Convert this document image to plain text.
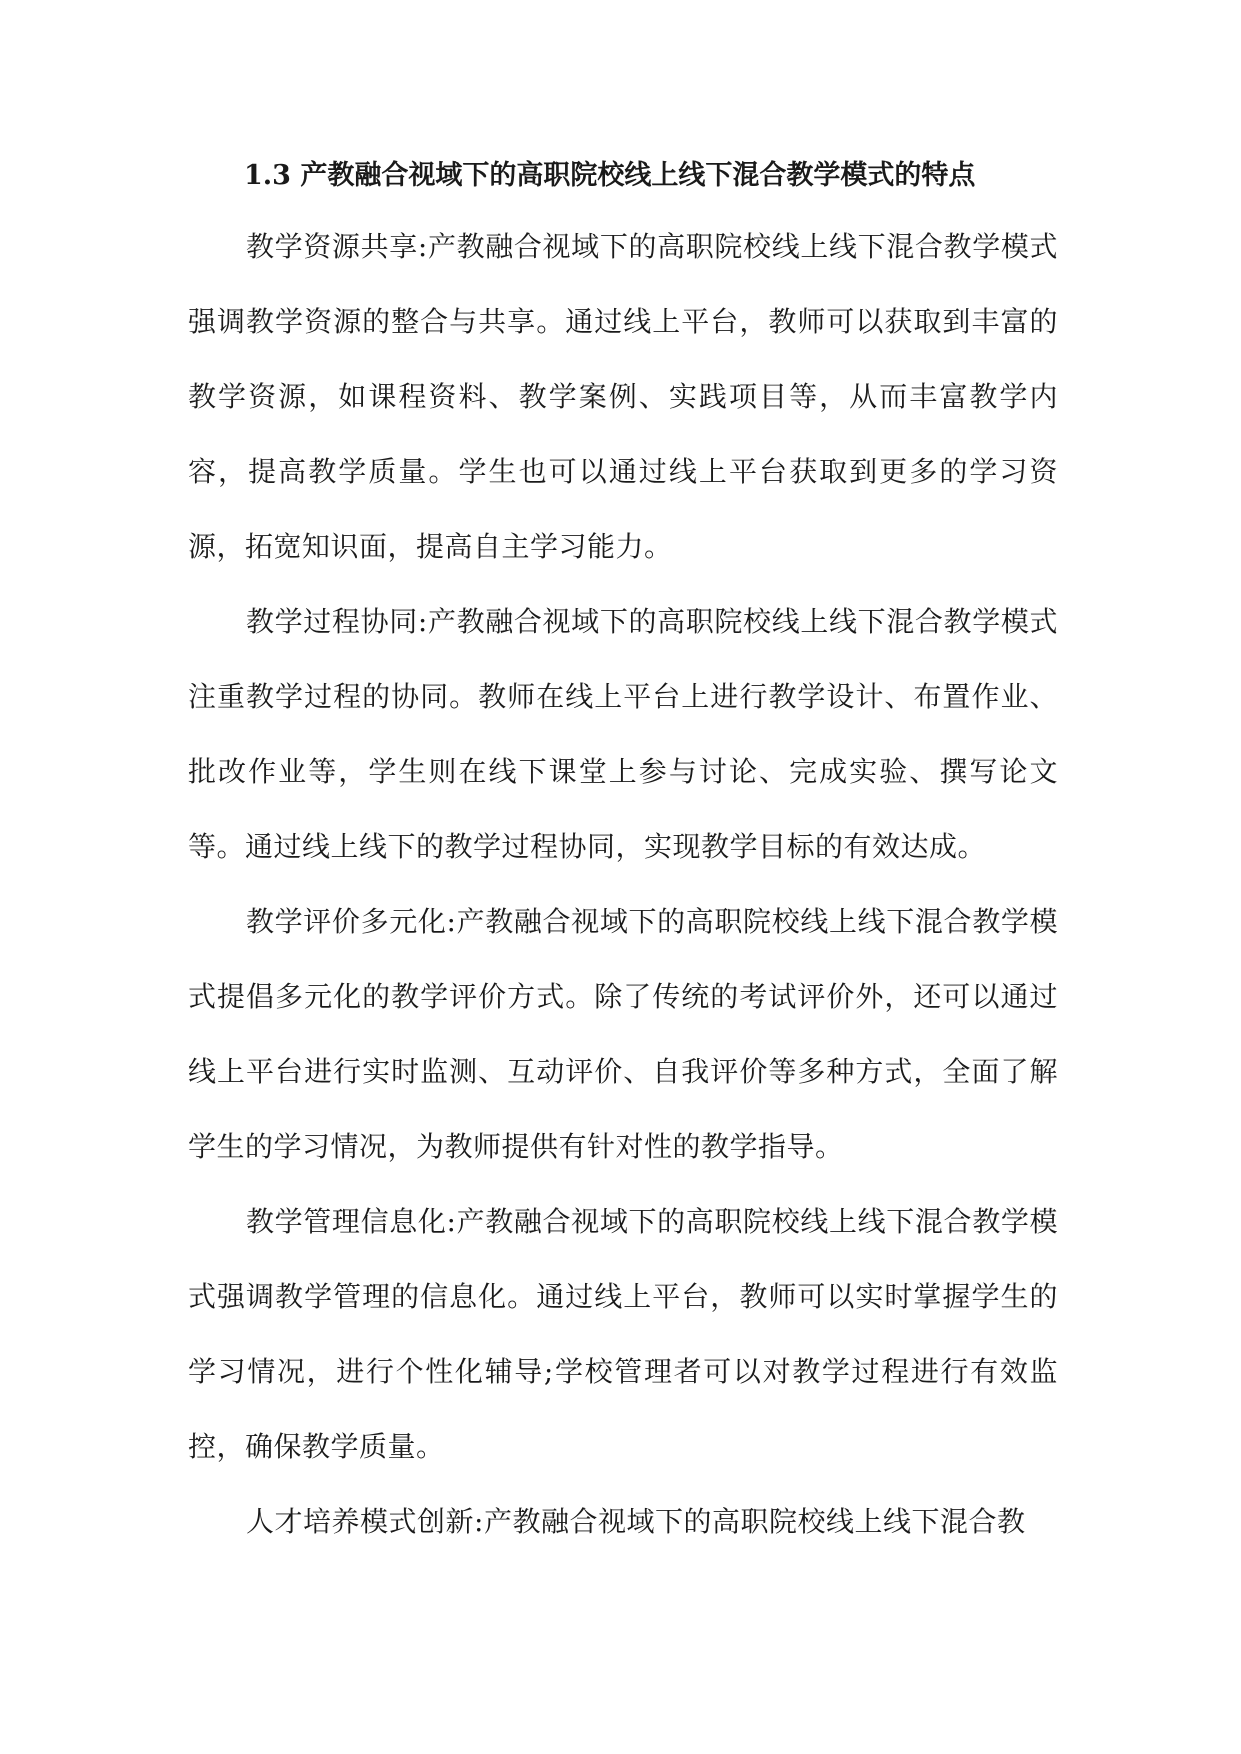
1.3 产教融合视域下的高职院校线上线下混合教学模式的特点

教学资源共享:产教融合视域下的高职院校线上线下混合教学模式强调教学资源的整合与共享。通过线上平台，教师可以获取到丰富的教学资源，如课程资料、教学案例、实践项目等，从而丰富教学内容，提高教学质量。学生也可以通过线上平台获取到更多的学习资源，拓宽知识面，提高自主学习能力。

教学过程协同:产教融合视域下的高职院校线上线下混合教学模式注重教学过程的协同。教师在线上平台上进行教学设计、布置作业、批改作业等，学生则在线下课堂上参与讨论、完成实验、撰写论文等。通过线上线下的教学过程协同，实现教学目标的有效达成。

教学评价多元化:产教融合视域下的高职院校线上线下混合教学模式提倡多元化的教学评价方式。除了传统的考试评价外，还可以通过线上平台进行实时监测、互动评价、自我评价等多种方式，全面了解学生的学习情况，为教师提供有针对性的教学指导。

教学管理信息化:产教融合视域下的高职院校线上线下混合教学模式强调教学管理的信息化。通过线上平台，教师可以实时掌握学生的学习情况，进行个性化辅导;学校管理者可以对教学过程进行有效监控，确保教学质量。

人才培养模式创新:产教融合视域下的高职院校线上线下混合教
